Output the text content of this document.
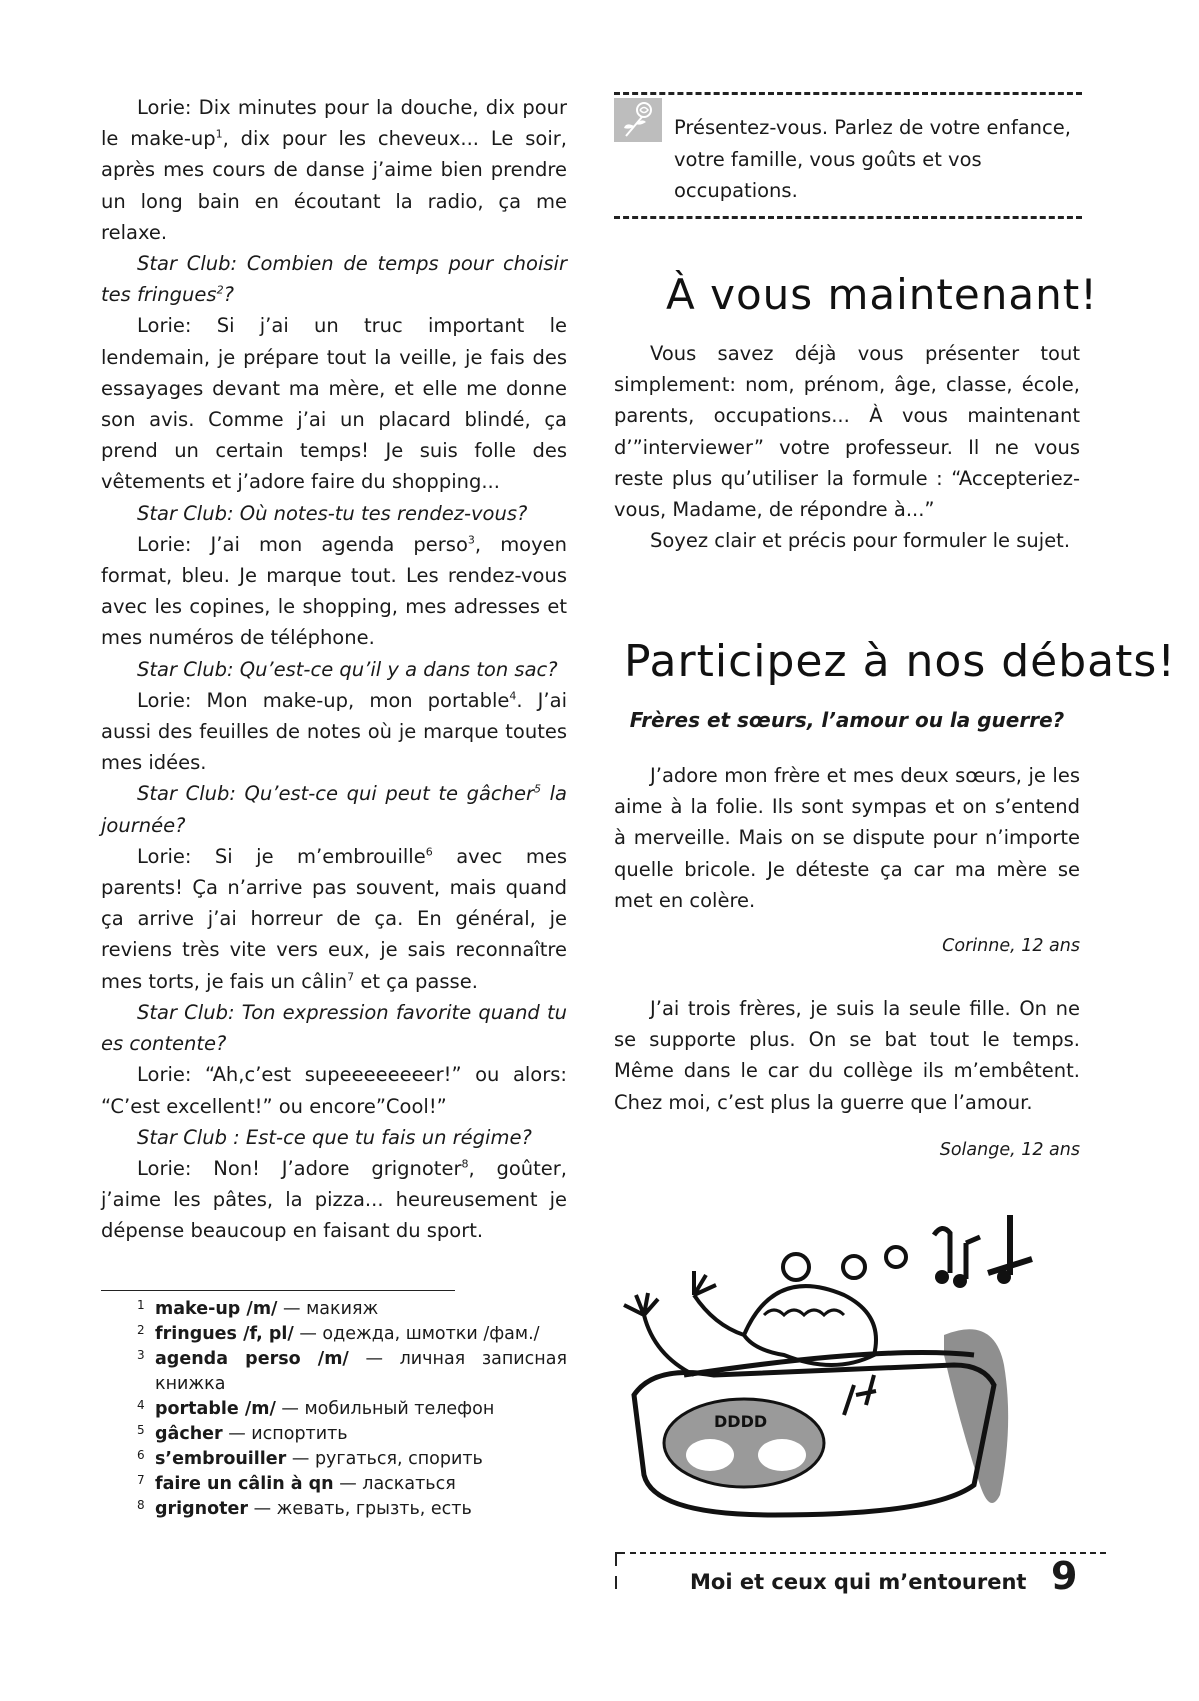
Lorie: Dix minutes pour la douche, dix pour le make-$up^1$, dix pour les cheveux... Le soir, après mes cours de danse j’aime bien prendre un long bain en écoutant la radio, ça me relaxe.

Star Club: Combien de temps pour choisir tes fringues$^2$?

Lorie: Si j’ai un truc important le lendemain, je prépare tout la veille, je fais des essayages devant ma mère, et elle me donne son avis. Comme j’ai un placard blindé, ça prend un certain temps! Je suis folle des vêtements et j’adore faire du shopping...

Star Club: Où notes-tu tes rendez-vous?

Lorie: J’ai mon agenda perso$^3$, moyen format, bleu. Je marque tout. Les rendez-vous avec les copines, le shopping, mes adresses et mes numéros de téléphone.

Star Club: Qu’est-ce qu’il y a dans ton sac?

Lorie: Mon make-up, mon portable$^4$. J’ai aussi des feuilles de notes où je marque toutes mes idées.

Star Club: Qu’est-ce qui peut te gâcher$^5$ la journée?

Lorie: Si je m’embrouille$^6$ avec mes parents! Ça n’arrive pas souvent, mais quand ça arrive j’ai horreur de ça. En général, je reviens très vite vers eux, je sais reconnaître mes torts, je fais un câlin$^7$ et ça passe.

Star Club: Ton expression favorite quand tu es contente?

Lorie: “Ah,c’est supeeeeeeeer!” ou alors: “C’est excellent!” ou encore”Cool!”

Star Club : Est-ce que tu fais un régime?

Lorie: Non! J’adore grignoter$^8$, goûter, j’aime les pâtes, la pizza... heureusement je dépense beaucoup en faisant du sport.

1 make-up /m/ — макияж
2 fringues /f, pl/ — одежда, шмотки /фам./
3 agenda perso /m/ — личная записная книжка
4 portable /m/ — мобильный телефон
5 gâcher — испортить
6 s’embrouiller — ругаться, спорить
7 faire un câlin à qn — ласкаться
8 grignoter — жевать, грызть, есть
Présentez-vous. Parlez de votre enfance, votre famille, vous goûts et vos occupations.
À vous maintenant!

Vous savez déjà vous présenter tout simplement: nom, prénom, âge, classe, école, parents, occupations... À vous maintenant d’”interviewer” votre professeur. Il ne vous reste plus qu’utiliser la formule : “Accepteriez-vous, Madame, de répondre à...”

Soyez clair et précis pour formuler le sujet.

Participez à nos débats!
Frères et sœurs, l’amour ou la guerre?

J’adore mon frère et mes deux sœurs, je les aime à la folie. Ils sont sympas et on s’entend à merveille. Mais on se dispute pour n’importe quelle bricole. Je déteste ça car ma mère se met en colère.

Corinne, 12 ans

J’ai trois frères, je suis la seule fille. On ne se supporte plus. On se bat tout le temps. Même dans le car du collège ils m’embêtent. Chez moi, c’est plus la guerre que l’amour.

Solange, 12 ans
DDDD
Moi et ceux qui m’entourent 9
